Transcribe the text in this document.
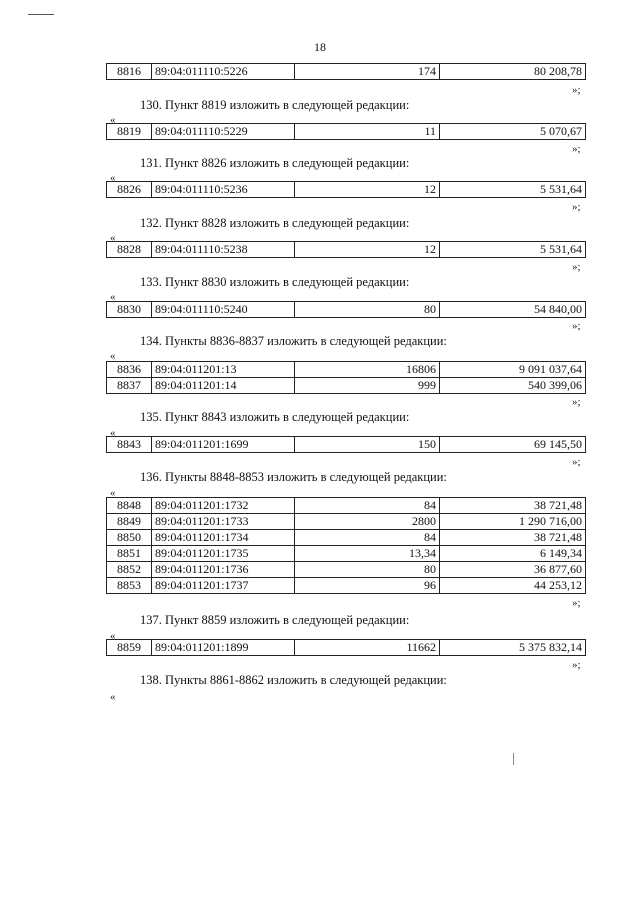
18
8816	89:04:011110:5226	174	80 208,78
»;
130. Пункт 8819 изложить в следующей редакции:
«
8819	89:04:011110:5229	11	5 070,67
»;
131. Пункт 8826 изложить в следующей редакции:
«
8826	89:04:011110:5236	12	5 531,64
»;
132. Пункт 8828 изложить в следующей редакции:
«
8828	89:04:011110:5238	12	5 531,64
»;
133. Пункт 8830 изложить в следующей редакции:
«
8830	89:04:011110:5240	80	54 840,00
»;
134. Пункты 8836-8837 изложить в следующей редакции:
«
8836	89:04:011201:13	16806	9 091 037,64
8837	89:04:011201:14	999	540 399,06
»;
135. Пункт 8843 изложить в следующей редакции:
«
8843	89:04:011201:1699	150	69 145,50
»;
136. Пункты 8848-8853 изложить в следующей редакции:
«
8848	89:04:011201:1732	84	38 721,48
8849	89:04:011201:1733	2800	1 290 716,00
8850	89:04:011201:1734	84	38 721,48
8851	89:04:011201:1735	13,34	6 149,34
8852	89:04:011201:1736	80	36 877,60
8853	89:04:011201:1737	96	44 253,12
»;
137. Пункт 8859 изложить в следующей редакции:
«
8859	89:04:011201:1899	11662	5 375 832,14
»;
138. Пункты 8861-8862 изложить в следующей редакции:
«
